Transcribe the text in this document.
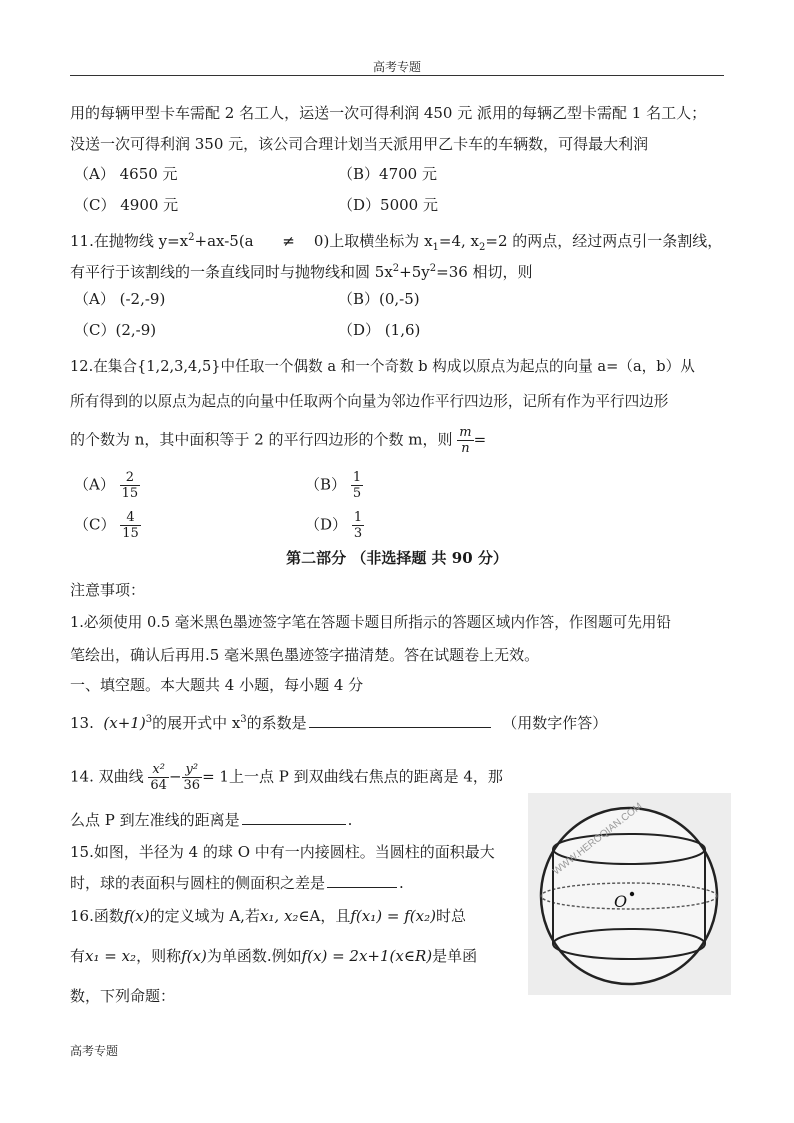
高考专题
用的每辆甲型卡车需配 2 名工人，运送一次可得利润 450 元 派用的每辆乙型卡需配 1 名工人；
没送一次可得利润 350 元，该公司合理计划当天派用甲乙卡车的车辆数，可得最大利润
（A） 4650 元	（B）4700 元
（C） 4900 元	（D）5000 元
11.在抛物线 $y=x^2+ax-5(a \ne 0)$上取横坐标为 $x_1=4$, $x_2=2$ 的两点，经过两点引一条割线，
有平行于该割线的一条直线同时与抛物线和圆 $5x^2+5y^2=36$ 相切，则
（A） (-2,-9)	（B）(0,-5)
（C）(2,-9)	（D） (1,6)
12.在集合{1,2,3,4,5}中任取一个偶数 a 和一个奇数 b 构成以原点为起点的向量 a=（a，b）从
所有得到的以原点为起点的向量中任取两个向量为邻边作平行四边形，记所有作为平行四边形
的个数为 n，其中面积等于 2 的平行四边形的个数 m，则 $\frac{m}{n}$ =
$(A) \frac{2}{15}$	$(B) \frac{1}{5}$
$(C) \frac{4}{15}$	$(D) \frac{1}{3}$
第二部分 （非选择题 共 90 分）
注意事项：
1.必须使用 0.5 毫米黑色墨迹签字笔在答题卡题目所指示的答题区域内作答，作图题可先用铅
笔绘出，确认后再用.5 毫米黑色墨迹签字描清楚。答在试题卷上无效。
一、填空题。本大题共 4 小题，每小题 4 分
13. $(x+1)^3$的展开式中 $x^3$的系数是	（用数字作答）
14. 双曲线 $\frac{\text{x²}}{64} - \frac{\text{y²}}{36} = 1$上一点 P 到双曲线右焦点的距离是 4，那
么点 P 到左准线的距离是	.
15.如图，半径为 4 的球 O 中有一内接圆柱。当圆柱的面积最大
时，球的表面积与圆柱的侧面积之差是	.
16.函数f(x)的定义域为 A,若x₁, x₂∈A，且f(x₁) = f(x₂)时总
有x₁ = x₂，则称f(x)为单函数.例如f(x) = 2x+1(x∈R)是单函
数，下列命题：
O
WWW.HEROQIAN.COM
高考专题
